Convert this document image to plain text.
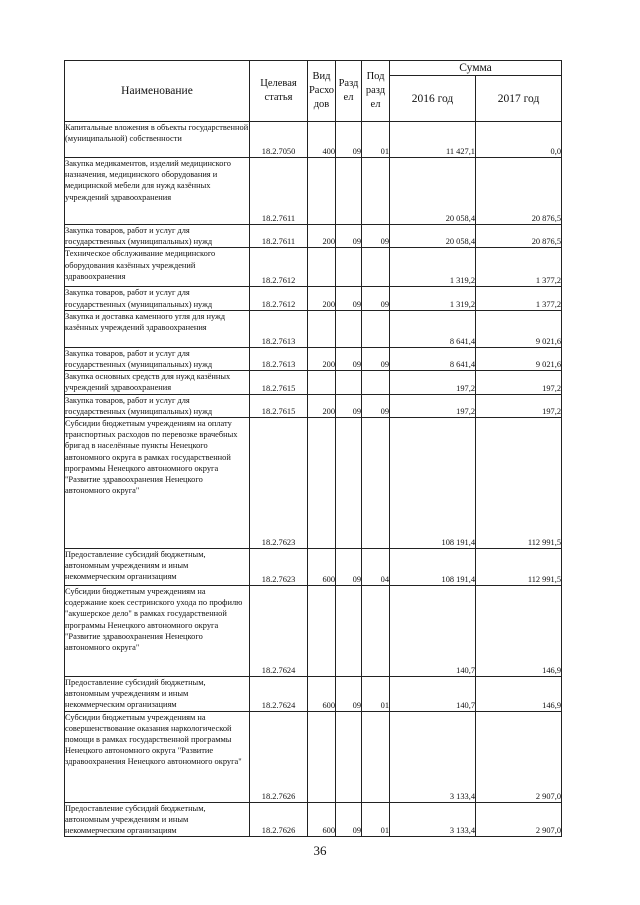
Наименование	Целевая статья	Вид Расхо дов	Разд ел	Под разд ел	Сумма	
					2016 год	2017 год
Капитальные вложения в объекты государственной (муниципальной) собственности	18.2.7050	400	09	01	11 427,1	0,0
Закупка медикаментов, изделий медицинского назначения, медицинского оборудования и медицинской мебели для нужд казённых учреждений здравоохранения	18.2.7611				20 058,4	20 876,5
Закупка товаров, работ и услуг для государственных (муниципальных) нужд	18.2.7611	200	09	09	20 058,4	20 876,5
Техническое обслуживание медицинского оборудования казённых учреждений здравоохранения	18.2.7612				1 319,2	1 377,2
Закупка товаров, работ и услуг для государственных (муниципальных) нужд	18.2.7612	200	09	09	1 319,2	1 377,2
Закупка и доставка каменного угля для нужд казённых учреждений здравоохранения	18.2.7613				8 641,4	9 021,6
Закупка товаров, работ и услуг для государственных (муниципальных) нужд	18.2.7613	200	09	09	8 641,4	9 021,6
Закупка основных средств для нужд казённых учреждений здравоохранения	18.2.7615				197,2	197,2
Закупка товаров, работ и услуг для государственных (муниципальных) нужд	18.2.7615	200	09	09	197,2	197,2
Субсидии бюджетным учреждениям на оплату транспортных расходов по перевозке врачебных бригад в населённые пункты Ненецкого автономного округа в рамках государственной программы Ненецкого автономного округа "Развитие здравоохранения Ненецкого автономного округа"	18.2.7623				108 191,4	112 991,5
Предоставление субсидий бюджетным, автономным учреждениям и иным некоммерческим организациям	18.2.7623	600	09	04	108 191,4	112 991,5
Субсидии бюджетным учреждениям на содержание коек сестринского ухода по профилю "акушерское дело" в рамках государственной программы Ненецкого автономного округа "Развитие здравоохранения Ненецкого автономного округа"	18.2.7624				140,7	146,9
Предоставление субсидий бюджетным, автономным учреждениям и иным некоммерческим организациям	18.2.7624	600	09	01	140,7	146,9
Субсидии бюджетным учреждениям на совершенствование оказания наркологической помощи в рамках государственной программы Ненецкого автономного округа "Развитие здравоохранения Ненецкого автономного округа"	18.2.7626				3 133,4	2 907,0
Предоставление субсидий бюджетным, автономным учреждениям и иным некоммерческим организациям	18.2.7626	600	09	01	3 133,4	2 907,0
36
